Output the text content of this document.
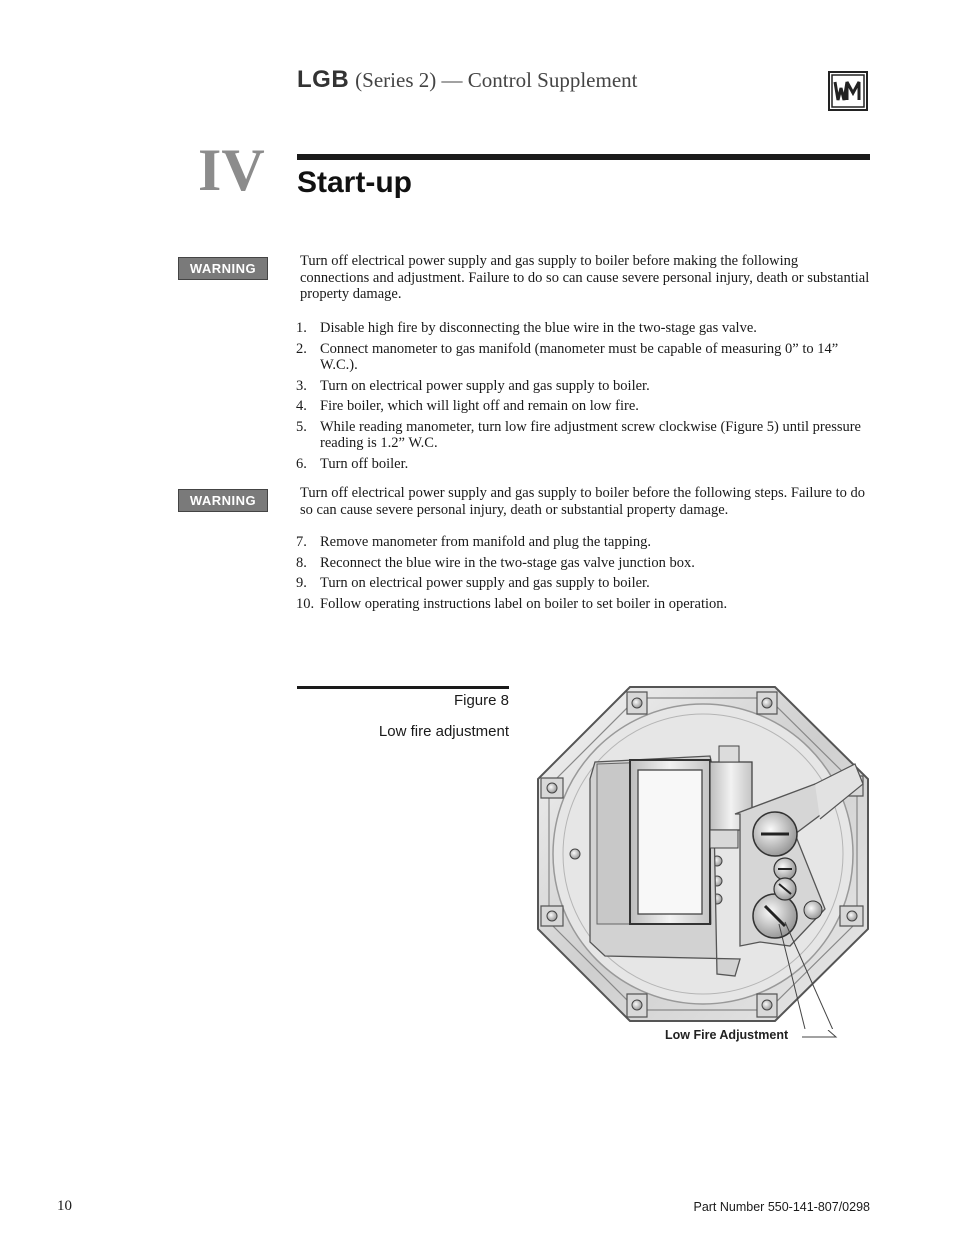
LGB (Series 2) — Control Supplement
IV Start-up
WARNING	Turn off electrical power supply and gas supply to boiler before making the following connections and adjustment. Failure to do so can cause severe personal injury, death or substantial property damage.
1. Disable high fire by disconnecting the blue wire in the two-stage gas valve.
2. Connect manometer to gas manifold (manometer must be capable of measuring 0” to 14” W.C.).
3. Turn on electrical power supply and gas supply to boiler.
4. Fire boiler, which will light off and remain on low fire.
5. While reading manometer, turn low fire adjustment screw clockwise (Figure 5) until pressure reading is 1.2” W.C.
6. Turn off boiler.
WARNING	Turn off electrical power supply and gas supply to boiler before the following steps. Failure to do so can cause severe personal injury, death or substantial property damage.
7. Remove manometer from manifold and plug the tapping.
8. Reconnect the blue wire in the two-stage gas valve junction box.
9. Turn on electrical power supply and gas supply to boiler.
10. Follow operating instructions label on boiler to set boiler in operation.
Figure 8
Low fire adjustment
Low Fire Adjustment
10	Part Number 550-141-807/0298
